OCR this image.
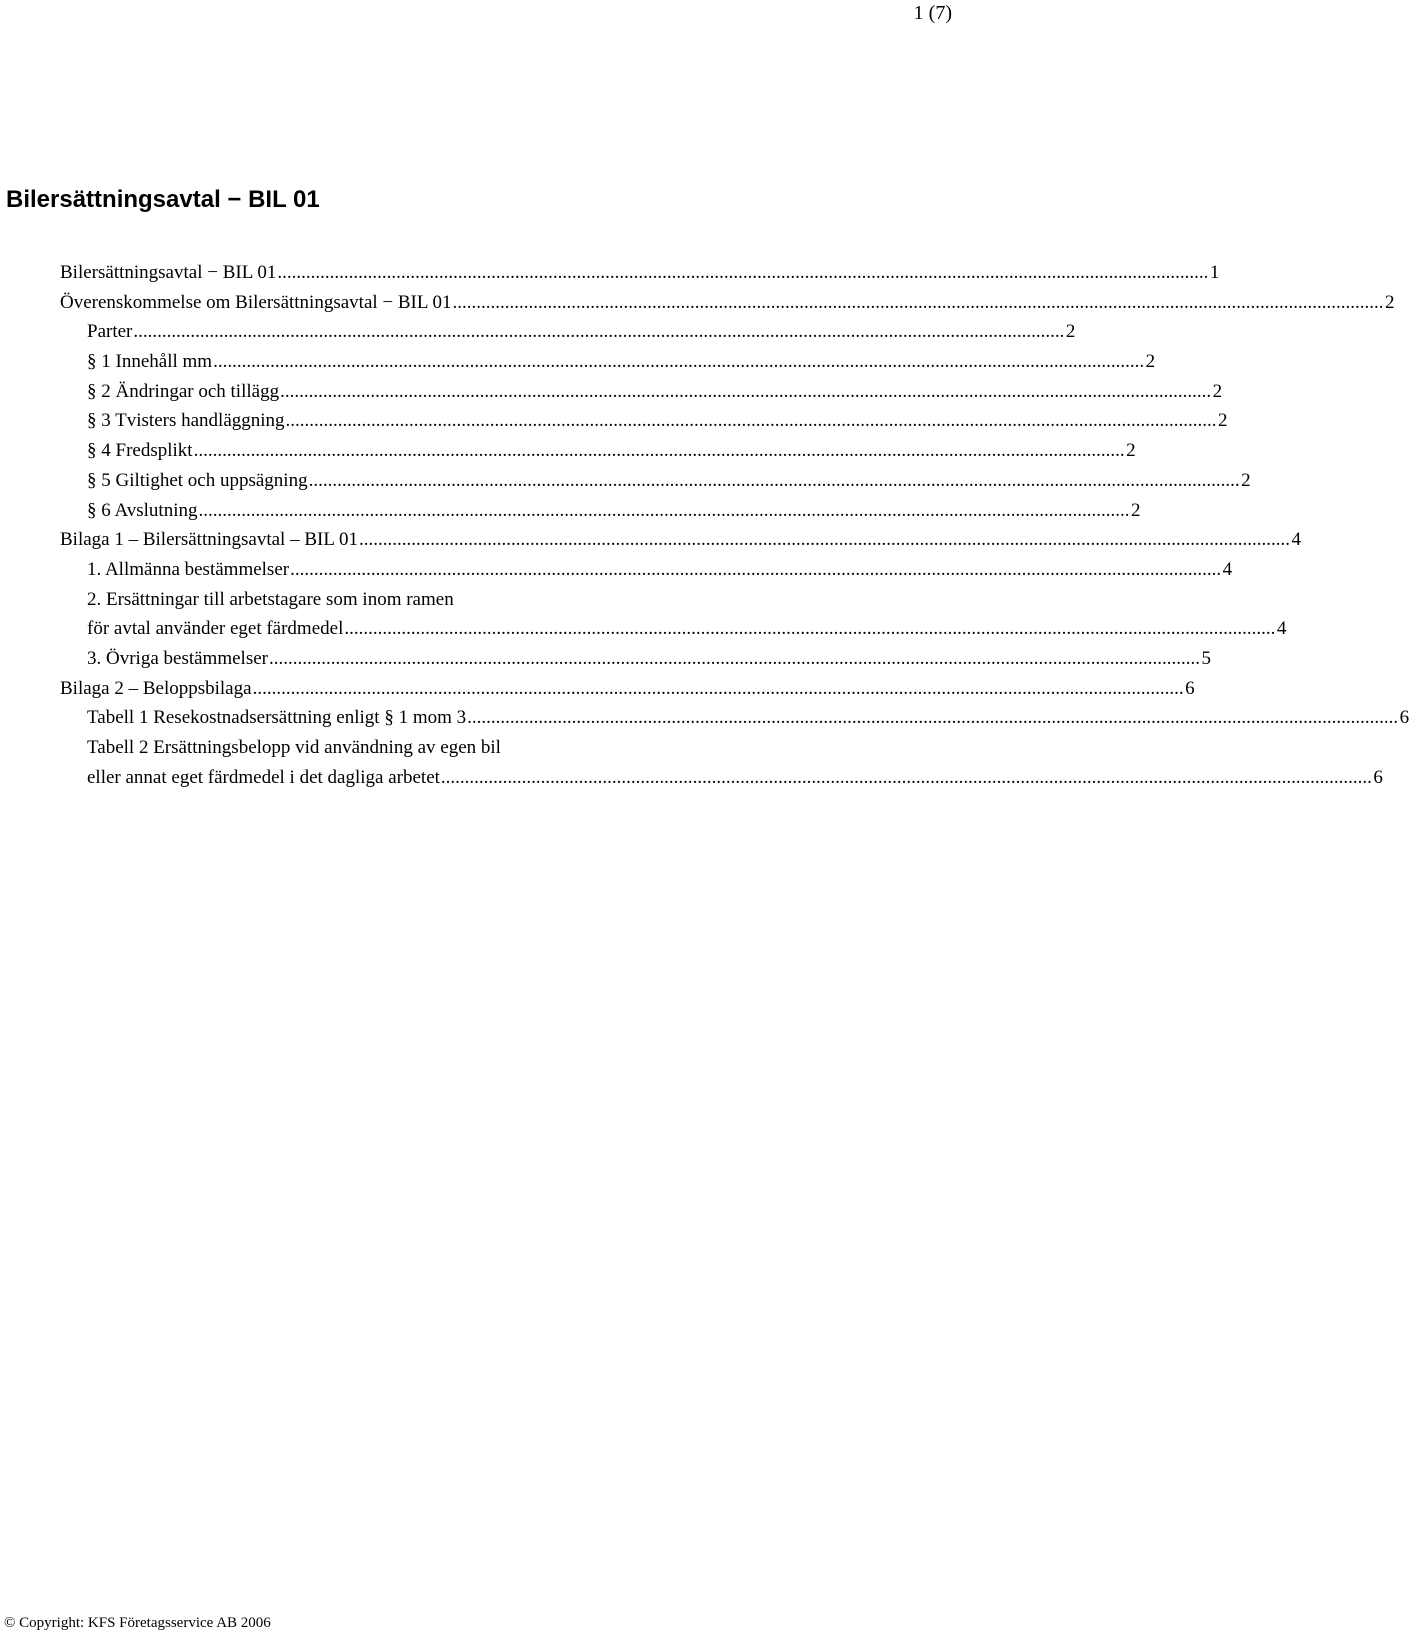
1 (7)
Bilersättningsavtal − BIL 01
Bilersättningsavtal − BIL 01 .....	1
Överenskommelse om Bilersättningsavtal − BIL 01 .....	2
Parter .....	2
§ 1 Innehåll mm .....	2
§ 2 Ändringar och tillägg .....	2
§ 3 Tvisters handläggning .....	2
§ 4 Fredsplikt .....	2
§ 5 Giltighet och uppsägning .....	2
§ 6 Avslutning .....	2
Bilaga 1 – Bilersättningsavtal – BIL 01 .....	4
1. Allmänna bestämmelser .....	4
2. Ersättningar till arbetstagare som inom ramen
för avtal använder eget färdmedel .....	4
3. Övriga bestämmelser .....	5
Bilaga 2 – Beloppsbilaga .....	6
Tabell 1 Resekostnadsersättning enligt § 1 mom 3 .....	6
Tabell 2 Ersättningsbelopp vid användning av egen bil
eller annat eget färdmedel i det dagliga arbetet .....	6
© Copyright: KFS Företagsservice AB 2006
